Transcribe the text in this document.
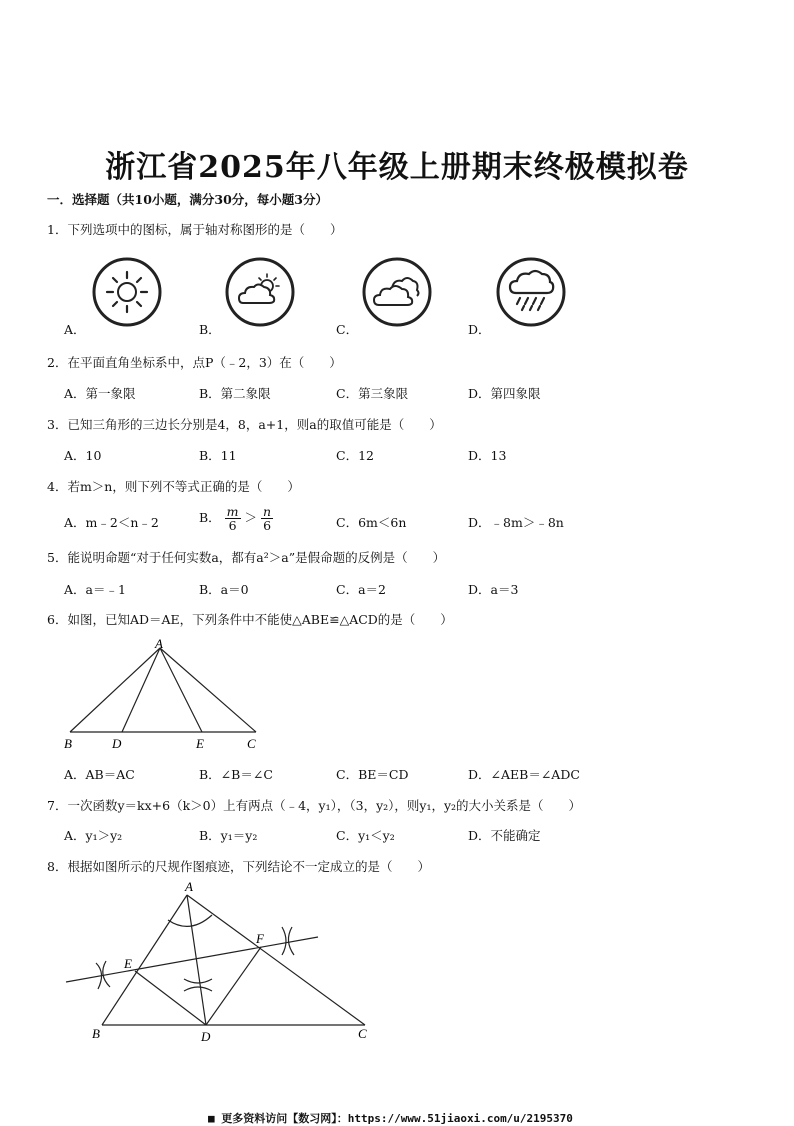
浙江省2025年八年级上册期末终极模拟卷
一．选择题（共10小题，满分30分，每小题3分）
1．下列选项中的图标，属于轴对称图形的是（　　）
A．	B．	C．	D．
2．在平面直角坐标系中，点P（﹣2，3）在（　　）
A．第一象限	B．第二象限	C．第三象限	D．第四象限
3．已知三角形的三边长分别是4，8，a+1，则a的取值可能是（　　）
A．10	B．11	C．12	D．13
4．若m＞n，则下列不等式正确的是（　　）
A．m﹣2＜n﹣2	B． $\frac{m}{6} > \frac{n}{6}$	C．6m＜6n	D．﹣8m＞﹣8n
5．能说明命题“对于任何实数a，都有a²＞a”是假命题的反例是（　　）
A．a＝﹣1	B．a＝0	C．a＝2	D．a＝3
6．如图，已知AD＝AE，下列条件中不能使△ABE≌△ACD的是（　　）
A
B	D	E	C
A．AB＝AC	B．∠B＝∠C	C．BE＝CD	D．∠AEB＝∠ADC
7．一次函数y＝kx+6（k＞0）上有两点（﹣4，y₁），（3，y₂），则y₁，y₂的大小关系是（　　）
A．y₁＞y₂	B．y₁＝y₂	C．y₁＜y₂	D．不能确定
8．根据如图所示的尺规作图痕迹，下列结论不一定成立的是（　　）
A
E
F
B	D	C
■ 更多资料访问【数习网】：https://www.51jiaoxi.com/u/2195370
